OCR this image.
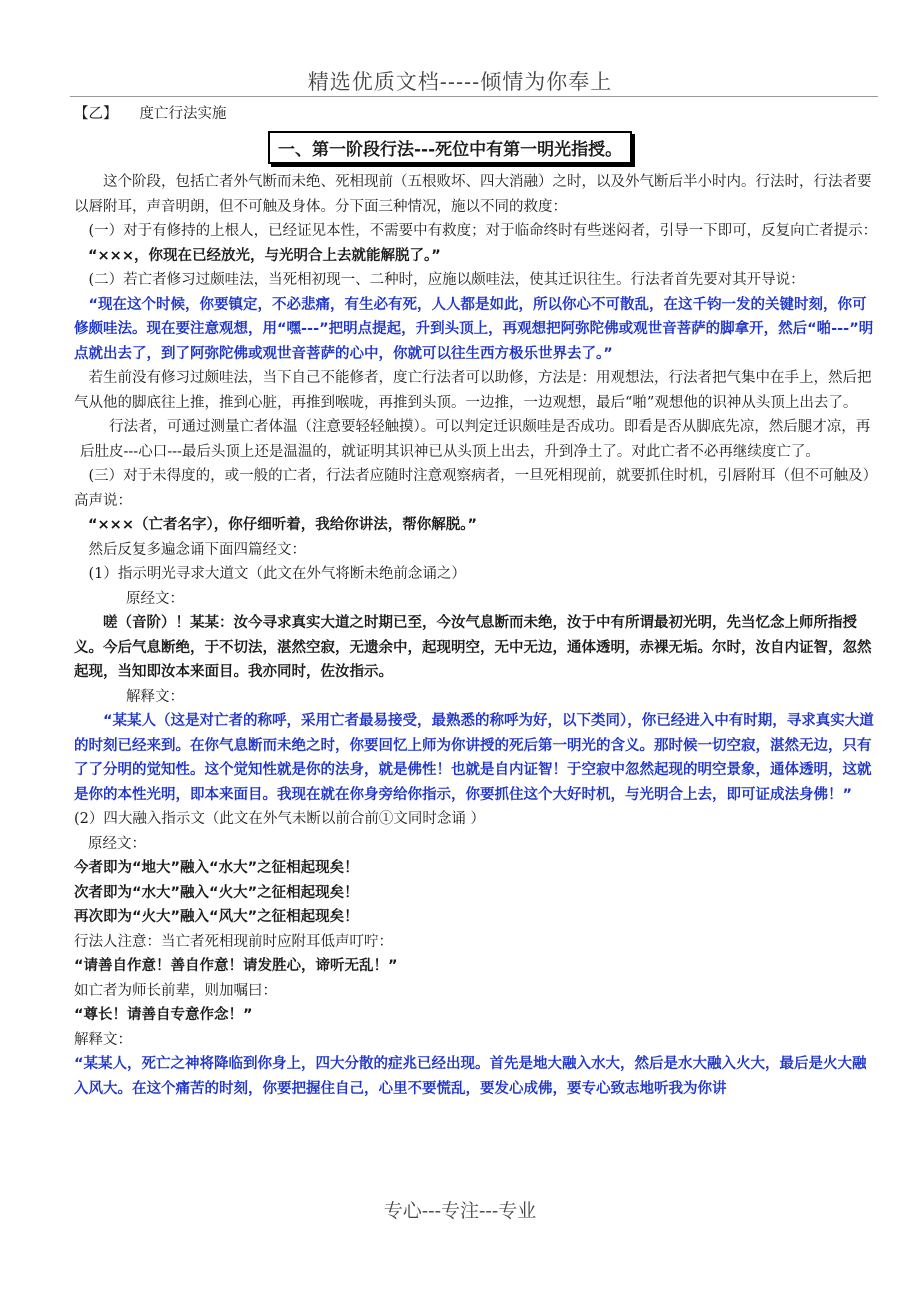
精选优质文档-----倾情为你奉上
【乙】 度亡行法实施
一、第一阶段行法---死位中有第一明光指授。

这个阶段，包括亡者外气断而未绝、死相现前（五根败坏、四大消融）之时，以及外气断后半小时内。行法时，行法者要以唇附耳，声音明朗，但不可触及身体。分下面三种情况，施以不同的救度：

(一）对于有修持的上根人，已经证见本性，不需要中有救度；对于临命终时有些迷闷者，引导一下即可，反复向亡者提示：

“×××，你现在已经放光，与光明合上去就能解脱了。”

(二）若亡者修习过颇哇法，当死相初现一、二种时，应施以颇哇法，使其迁识往生。行法者首先要对其开导说：

“现在这个时候，你要镇定，不必悲痛，有生必有死，人人都是如此，所以你心不可散乱，在这千钧一发的关键时刻，你可修颇哇法。现在要注意观想，用“嘿---”把明点提起，升到头顶上，再观想把阿弥陀佛或观世音菩萨的脚拿开，然后“啪---”明点就出去了，到了阿弥陀佛或观世音菩萨的心中，你就可以往生西方极乐世界去了。”

若生前没有修习过颇哇法，当下自己不能修者，度亡行法者可以助修，方法是：用观想法，行法者把气集中在手上，然后把气从他的脚底往上推，推到心脏，再推到喉咙，再推到头顶。一边推，一边观想，最后“啪”观想他的识神从头顶上出去了。

行法者，可通过测量亡者体温（注意要轻轻触摸）。可以判定迁识颇哇是否成功。即看是否从脚底先凉，然后腿才凉，再后肚皮---心口---最后头顶上还是温温的，就证明其识神已从头顶上出去，升到净土了。对此亡者不必再继续度亡了。

(三）对于未得度的，或一般的亡者，行法者应随时注意观察病者，一旦死相现前，就要抓住时机，引唇附耳（但不可触及）高声说：

“×××（亡者名字），你仔细听着，我给你讲法，帮你解脱。”

然后反复多遍念诵下面四篇经文：

(1）指示明光寻求大道文（此文在外气将断未绝前念诵之）

原经文：

嗟（音阶）！某某：汝今寻求真实大道之时期已至，今汝气息断而未绝，汝于中有所谓最初光明，先当忆念上师所指授义。今后气息断绝，于不切法，湛然空寂，无遗余中，起现明空，无中无边，通体透明，赤裸无垢。尔时，汝自内证智，忽然起现，当知即汝本来面目。我亦同时，佐汝指示。

解释文：

“某某人（这是对亡者的称呼，采用亡者最易接受，最熟悉的称呼为好，以下类同），你已经进入中有时期，寻求真实大道的时刻已经来到。在你气息断而未绝之时，你要回忆上师为你讲授的死后第一明光的含义。那时候一切空寂，湛然无边，只有了了分明的觉知性。这个觉知性就是你的法身，就是佛性！也就是自内证智！于空寂中忽然起现的明空景象，通体透明，这就是你的本性光明，即本来面目。我现在就在你身旁给你指示，你要抓住这个大好时机，与光明合上去，即可证成法身佛！”

(2）四大融入指示文（此文在外气未断以前合前①文同时念诵 ）

原经文：

今者即为“地大”融入“水大”之征相起现矣！

次者即为“水大”融入“火大”之征相起现矣！

再次即为“火大”融入“风大”之征相起现矣！

行法人注意：当亡者死相现前时应附耳低声叮咛：

“请善自作意！善自作意！请发胜心，谛听无乱！”

如亡者为师长前辈，则加嘱曰：

“尊长！请善自专意作念！”

解释文：

“某某人，死亡之神将降临到你身上，四大分散的症兆已经出现。首先是地大融入水大，然后是水大融入火大，最后是火大融入风大。在这个痛苦的时刻，你要把握住自己，心里不要慌乱，要发心成佛，要专心致志地听我为你讲

专心---专注---专业
